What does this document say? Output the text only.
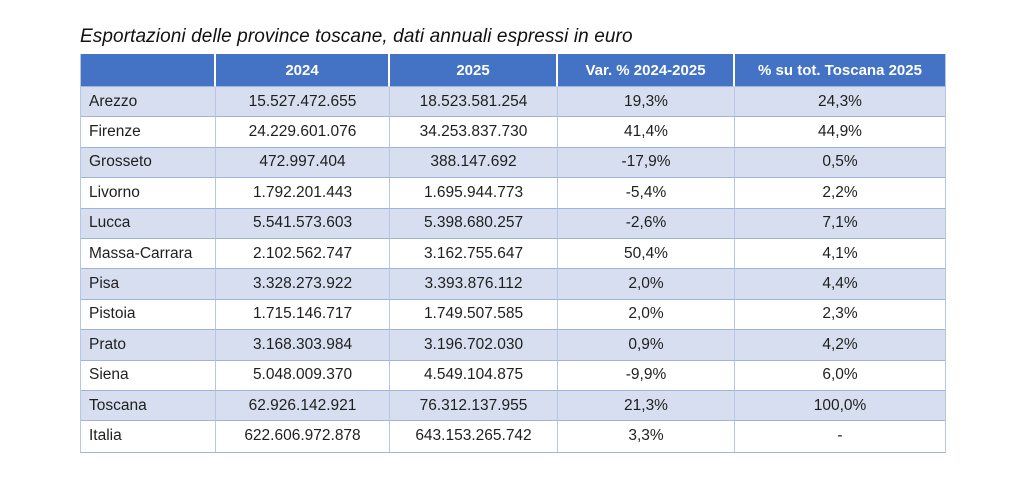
Esportazioni delle province toscane, dati annuali espressi in euro
	2024	2025	Var. % 2024-2025	% su tot. Toscana 2025
Arezzo	15.527.472.655	18.523.581.254	19,3%	24,3%
Firenze	24.229.601.076	34.253.837.730	41,4%	44,9%
Grosseto	472.997.404	388.147.692	-17,9%	0,5%
Livorno	1.792.201.443	1.695.944.773	-5,4%	2,2%
Lucca	5.541.573.603	5.398.680.257	-2,6%	7,1%
Massa-Carrara	2.102.562.747	3.162.755.647	50,4%	4,1%
Pisa	3.328.273.922	3.393.876.112	2,0%	4,4%
Pistoia	1.715.146.717	1.749.507.585	2,0%	2,3%
Prato	3.168.303.984	3.196.702.030	0,9%	4,2%
Siena	5.048.009.370	4.549.104.875	-9,9%	6,0%
Toscana	62.926.142.921	76.312.137.955	21,3%	100,0%
Italia	622.606.972.878	643.153.265.742	3,3%	-
